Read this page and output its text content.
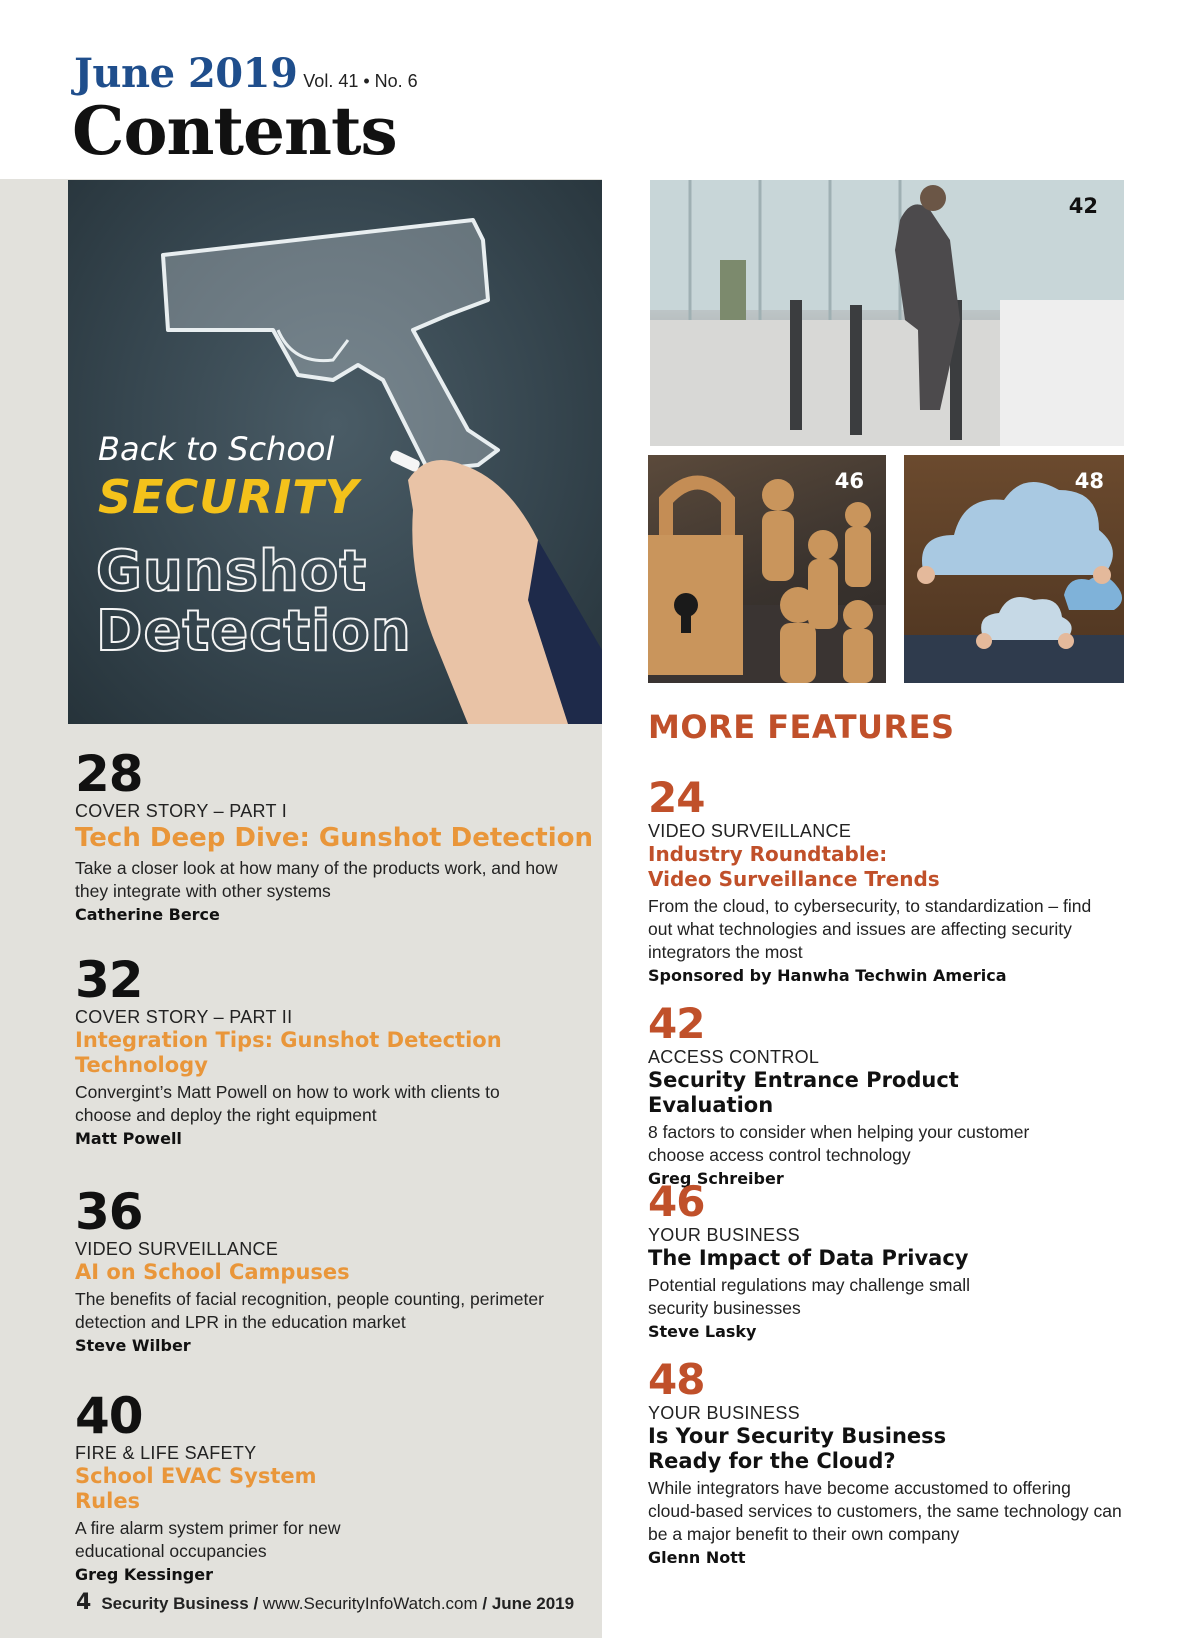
June 2019 Vol. 41 • No. 6
Contents
Back to School
SECURITY
Gunshot Detection
42
46	48
28
COVER STORY – PART I
Tech Deep Dive: Gunshot Detection
Take a closer look at how many of the products work, and how they integrate with other systems
Catherine Berce
32
COVER STORY – PART II
Integration Tips: Gunshot Detection Technology
Convergint’s Matt Powell on how to work with clients to choose and deploy the right equipment
Matt Powell
36
VIDEO SURVEILLANCE
AI on School Campuses
The benefits of facial recognition, people counting, perimeter detection and LPR in the education market
Steve Wilber
40
FIRE & LIFE SAFETY
School EVAC System Rules
A fire alarm system primer for new educational occupancies
Greg Kessinger
MORE FEATURES
24
VIDEO SURVEILLANCE
Industry Roundtable: Video Surveillance Trends
From the cloud, to cybersecurity, to standardization – find out what technologies and issues are affecting security integrators the most
Sponsored by Hanwha Techwin America
42
ACCESS CONTROL
Security Entrance Product Evaluation
8 factors to consider when helping your customer choose access control technology
Greg Schreiber
46
YOUR BUSINESS
The Impact of Data Privacy
Potential regulations may challenge small security businesses
Steve Lasky
48
YOUR BUSINESS
Is Your Security Business Ready for the Cloud?
While integrators have become accustomed to offering cloud-based services to customers, the same technology can be a major benefit to their own company
Glenn Nott
4 Security Business / www.SecurityInfoWatch.com / June 2019
